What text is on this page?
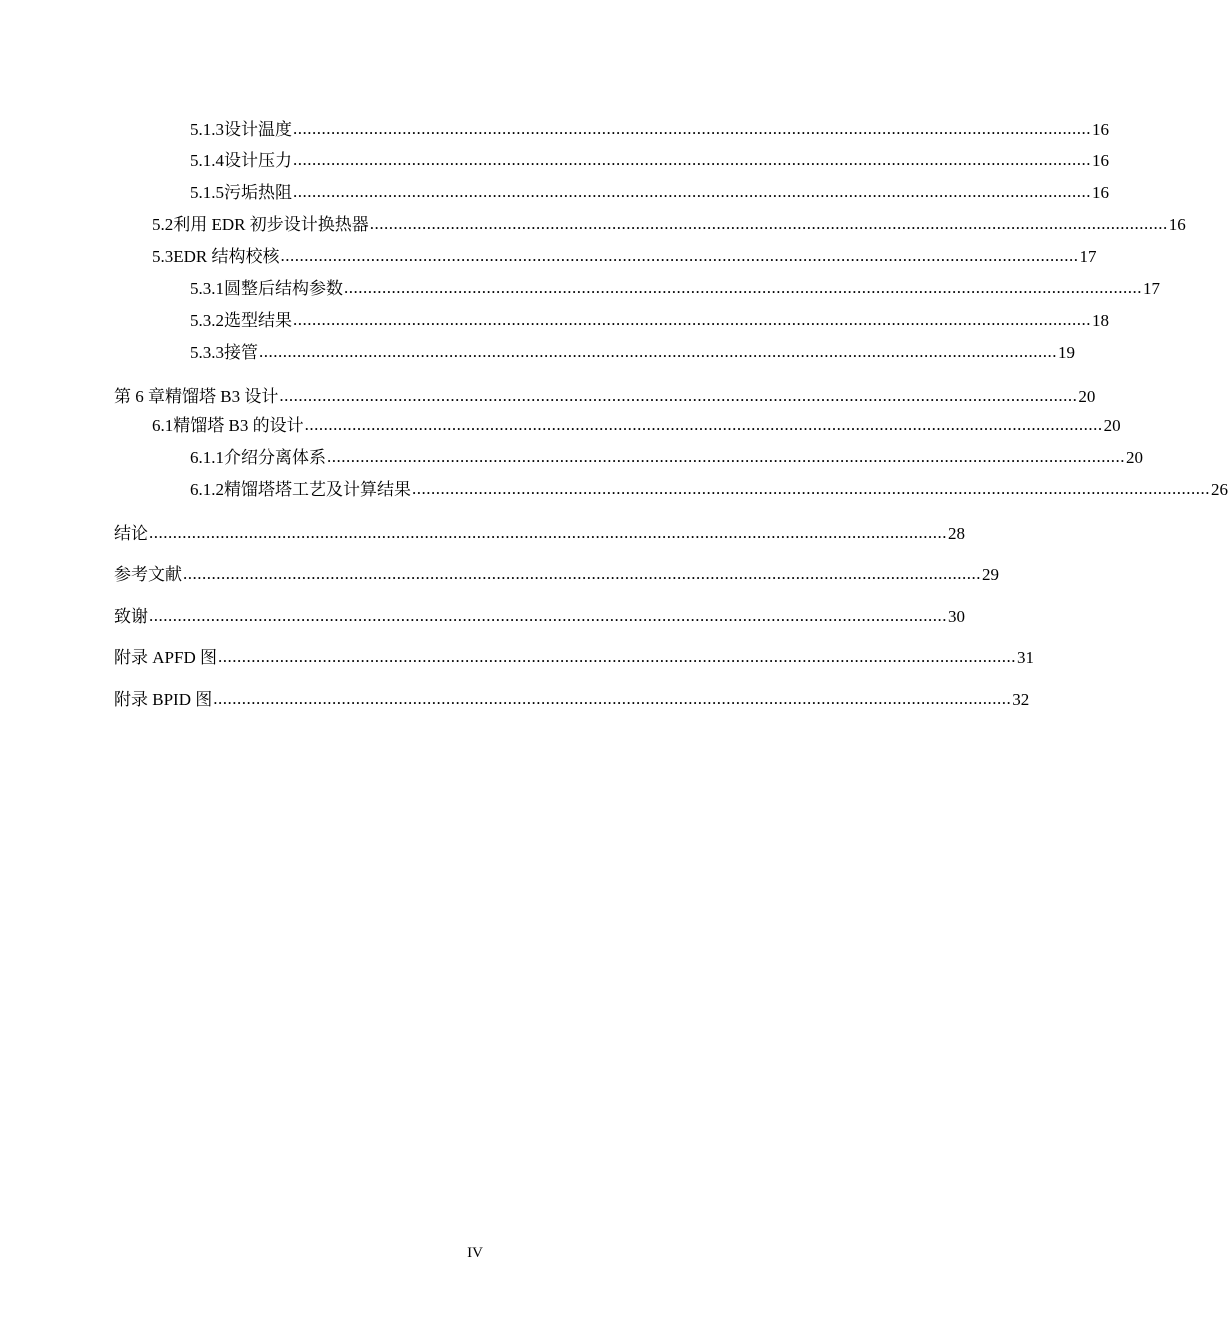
5.1.3 设计温度 ........................................................................................................................................................................ 16
5.1.4 设计压力 ........................................................................................................................................................................ 16
5.1.5 污垢热阻 ........................................................................................................................................................................ 16
5.2 利用 EDR 初步设计换热器 ........................................................................................................................................................................ 16
5.3 EDR 结构校核 ........................................................................................................................................................................ 17
5.3.1 圆整后结构参数 ........................................................................................................................................................................ 17
5.3.2 选型结果 ........................................................................................................................................................................ 18
5.3.3 接管 ........................................................................................................................................................................ 19
第 6 章 精馏塔 B3 设计 ........................................................................................................................................................................ 20
6.1 精馏塔 B3 的设计 ........................................................................................................................................................................ 20
6.1.1 介绍分离体系 ........................................................................................................................................................................ 20
6.1.2 精馏塔塔工艺及计算结果 ........................................................................................................................................................................ 26
结论 ........................................................................................................................................................................ 28
参考文献 ........................................................................................................................................................................ 29
致谢 ........................................................................................................................................................................ 30
附录 A PFD 图 ........................................................................................................................................................................ 31
附录 B PID 图 ........................................................................................................................................................................ 32
IV
